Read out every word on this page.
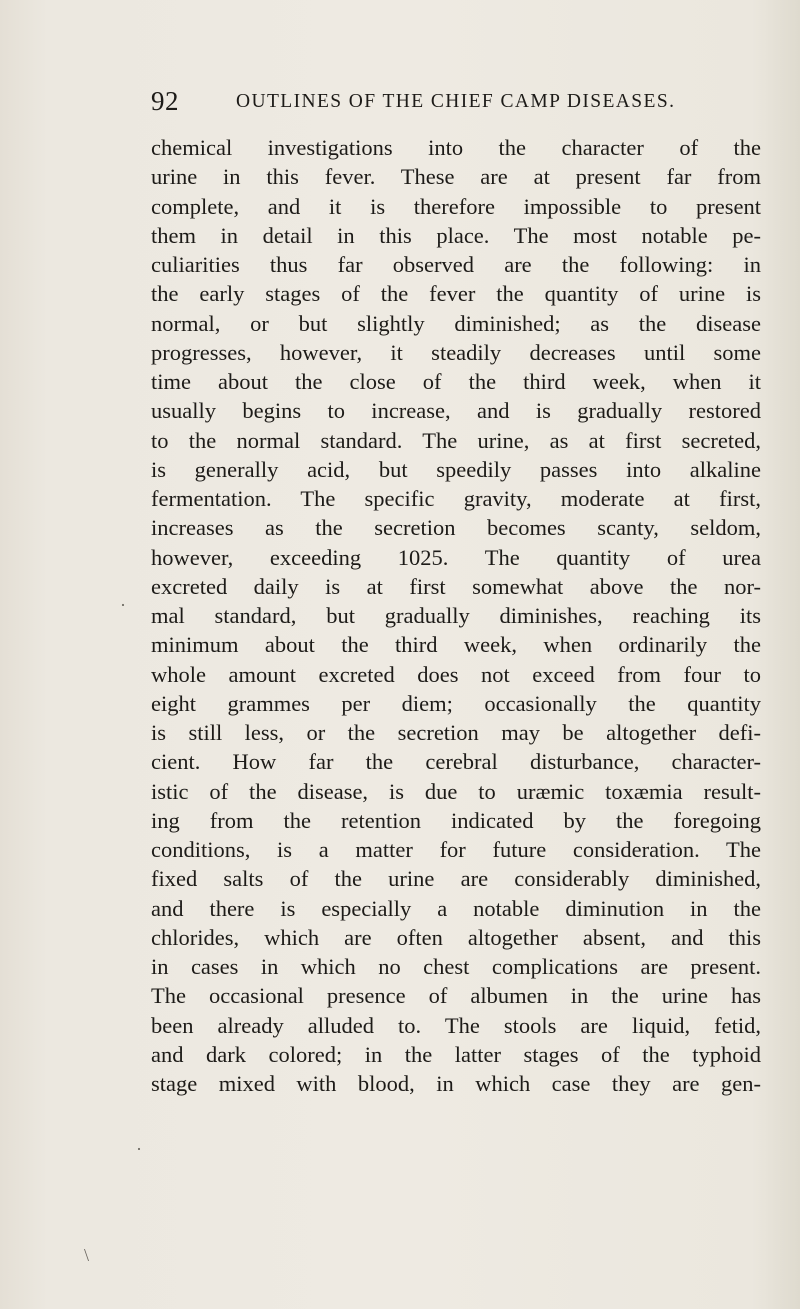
92	OUTLINES OF THE CHIEF CAMP DISEASES.
chemical investigations into the character of the
urine in this fever. These are at present far from
complete, and it is therefore impossible to present
them in detail in this place. The most notable pe-
culiarities thus far observed are the following: in
the early stages of the fever the quantity of urine is
normal, or but slightly diminished; as the disease
progresses, however, it steadily decreases until some
time about the close of the third week, when it
usually begins to increase, and is gradually restored
to the normal standard. The urine, as at first secreted,
is generally acid, but speedily passes into alkaline
fermentation. The specific gravity, moderate at first,
increases as the secretion becomes scanty, seldom,
however, exceeding 1025. The quantity of urea
excreted daily is at first somewhat above the nor-
mal standard, but gradually diminishes, reaching its
minimum about the third week, when ordinarily the
whole amount excreted does not exceed from four to
eight grammes per diem; occasionally the quantity
is still less, or the secretion may be altogether defi-
cient. How far the cerebral disturbance, character-
istic of the disease, is due to uræmic toxæmia result-
ing from the retention indicated by the foregoing
conditions, is a matter for future consideration. The
fixed salts of the urine are considerably diminished,
and there is especially a notable diminution in the
chlorides, which are often altogether absent, and this
in cases in which no chest complications are present.
The occasional presence of albumen in the urine has
been already alluded to. The stools are liquid, fetid,
and dark colored; in the latter stages of the typhoid
stage mixed with blood, in which case they are gen-
·
·
\
